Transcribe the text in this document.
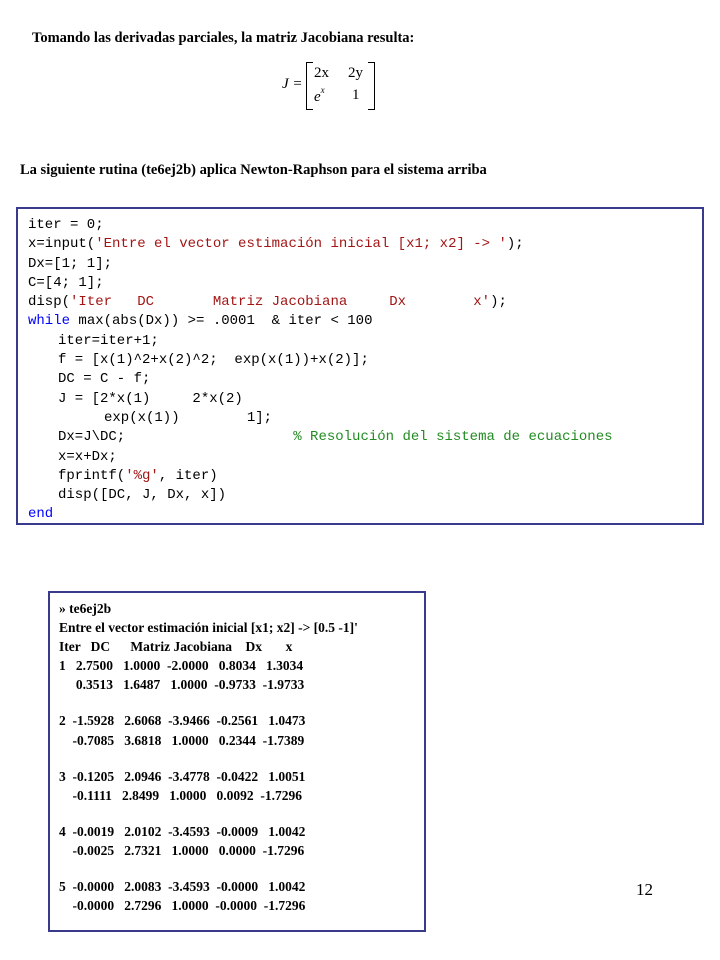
Tomando las derivadas parciales, la matriz Jacobiana resulta:
J =
2x 2y
$e^x$ 1
La siguiente rutina (te6ej2b) aplica Newton-Raphson para el sistema arriba
iter = 0;
x=input('Entre el vector estimación inicial [x1; x2] -> ');
Dx=[1; 1];
C=[4; 1];
disp('Iter   DC       Matriz Jacobiana     Dx        x');
while max(abs(Dx)) >= .0001  & iter < 100
iter=iter+1;
f = [x(1)^2+x(2)^2;  exp(x(1))+x(2)];
DC = C - f;
J = [2*x(1)     2*x(2)
exp(x(1))        1];
Dx=J\DC;                    % Resolución del sistema de ecuaciones
x=x+Dx;
fprintf('%g', iter)
disp([DC, J, Dx, x])
end
» te6ej2b
Entre el vector estimación inicial [x1; x2] -> [0.5 -1]'
Iter   DC      Matriz Jacobiana    Dx       x
1   2.7500   1.0000  -2.0000   0.8034   1.3034
0.3513   1.6487   1.0000  -0.9733  -1.9733
2  -1.5928   2.6068  -3.9466  -0.2561   1.0473
-0.7085   3.6818   1.0000   0.2344  -1.7389
3  -0.1205   2.0946  -3.4778  -0.0422   1.0051
-0.1111   2.8499   1.0000   0.0092  -1.7296
4  -0.0019   2.0102  -3.4593  -0.0009   1.0042
-0.0025   2.7321   1.0000   0.0000  -1.7296
5  -0.0000   2.0083  -3.4593  -0.0000   1.0042
-0.0000   2.7296   1.0000  -0.0000  -1.7296
12
